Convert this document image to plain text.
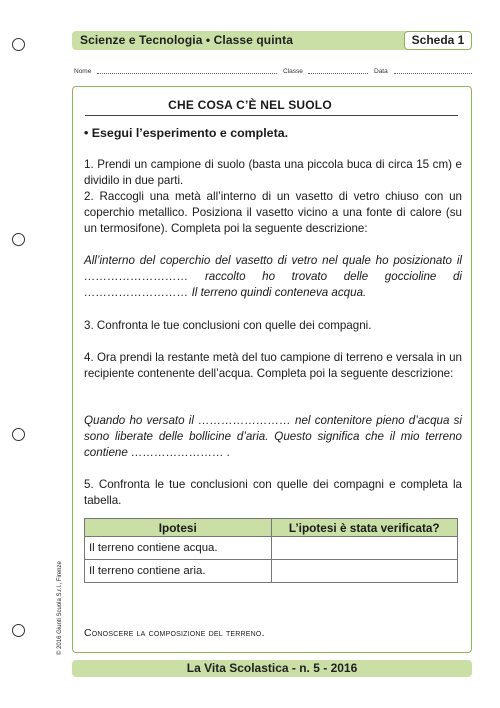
Scienze e Tecnologia • Classe quinta	Scheda 1
Nome	Classe	Data
CHE COSA C’È NEL SUOLO
• Esegui l’esperimento e completa.
1. Prendi un campione di suolo (basta una piccola buca di circa 15 cm) e dividilo in due parti.
2. Raccogli una metà all’interno di un vasetto di vetro chiuso con un coperchio metallico. Posiziona il vasetto vicino a una fonte di calore (su un termosifone). Completa poi la seguente descrizione:
All’interno del coperchio del vasetto di vetro nel quale ho posizionato il ……………………… raccolto ho trovato delle goccioline di ……………………… Il terreno quindi conteneva acqua.
3. Confronta le tue conclusioni con quelle dei compagni.
4. Ora prendi la restante metà del tuo campione di terreno e versala in un recipiente contenente dell’acqua. Completa poi la seguente descrizione:
Quando ho versato il …………………… nel contenitore pieno d’acqua si sono liberate delle bollicine d’aria. Questo significa che il mio terreno contiene …………………… .
5. Confronta le tue conclusioni con quelle dei compagni e completa la tabella.
Ipotesi	L’ipotesi è stata verificata?
Il terreno contiene acqua.	
Il terreno contiene aria.	
Conoscere la composizione del terreno.
© 2016 Giunti Scuola S.r.l., Firenze
La Vita Scolastica - n. 5 - 2016
